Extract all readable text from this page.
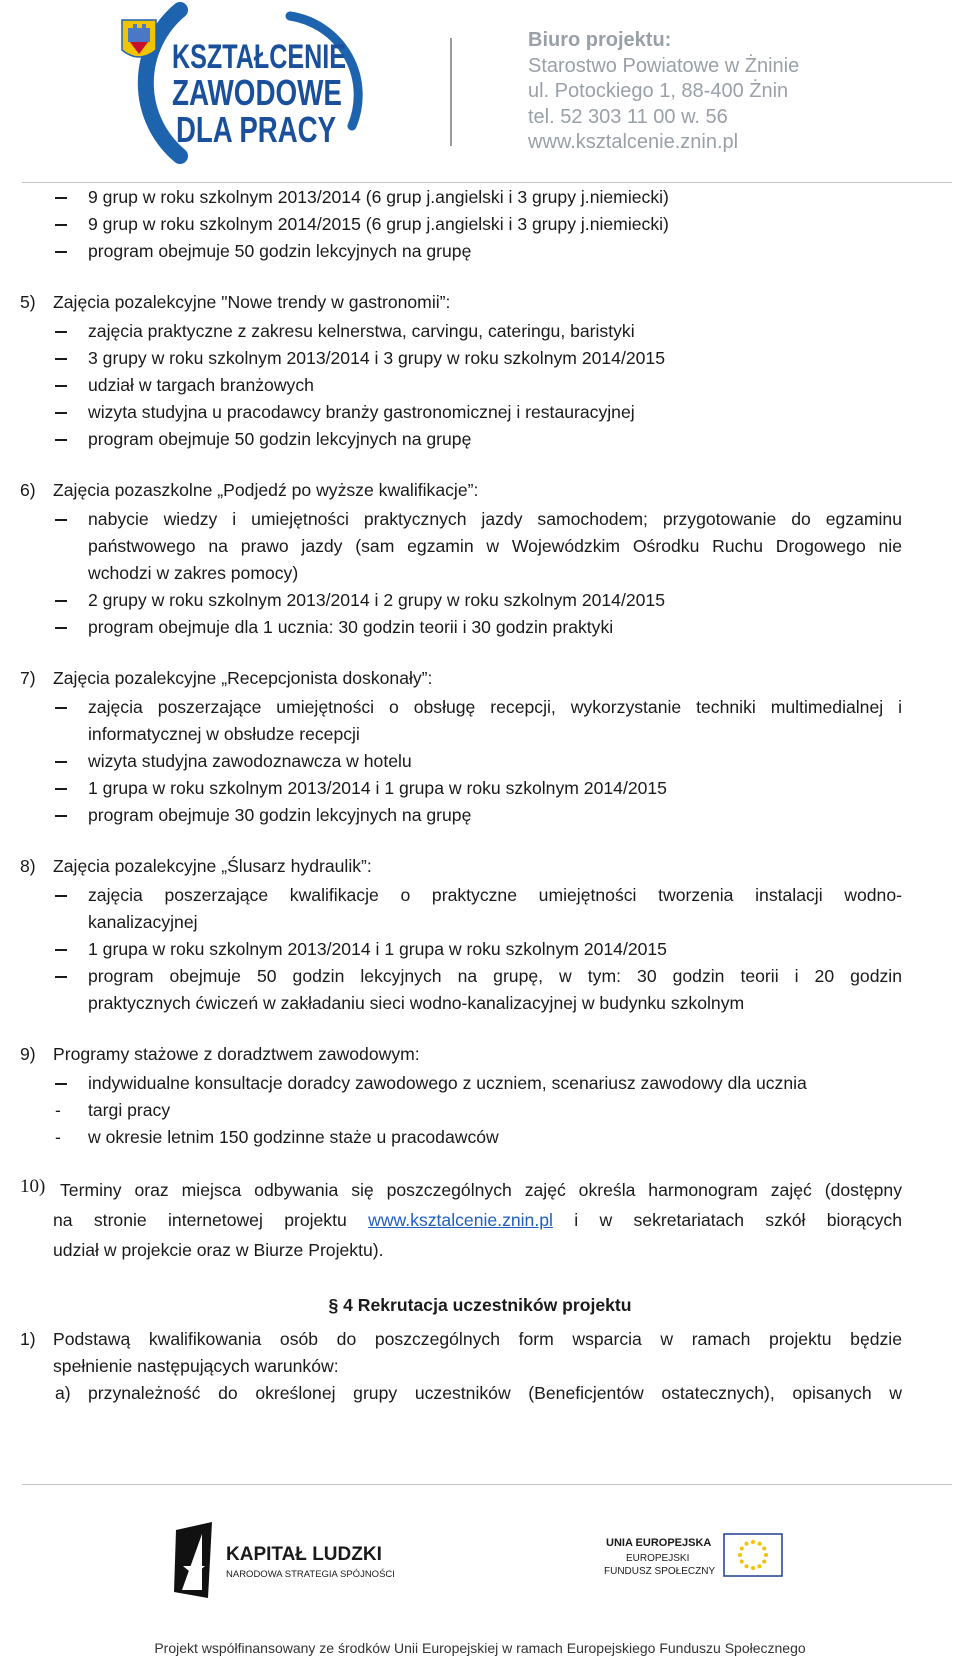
KSZTAŁCENIE
ZAWODOWE
DLA PRACY
Biuro projektu:
Starostwo Powiatowe w Żninie
ul. Potockiego 1, 88-400 Żnin
tel. 52 303 11 00 w. 56
www.ksztalcenie.znin.pl
9 grup w roku szkolnym 2013/2014 (6 grup j.angielski i 3 grupy j.niemiecki)
9 grup w roku szkolnym 2014/2015 (6 grup j.angielski i 3 grupy j.niemiecki)
program obejmuje 50 godzin lekcyjnych na grupę
5) Zajęcia pozalekcyjne "Nowe trendy w gastronomii”:
zajęcia praktyczne z zakresu kelnerstwa, carvingu, cateringu, baristyki
3 grupy w roku szkolnym 2013/2014 i 3 grupy w roku szkolnym 2014/2015
udział w targach branżowych
wizyta studyjna u pracodawcy branży gastronomicznej i restauracyjnej
program obejmuje 50 godzin lekcyjnych na grupę
6) Zajęcia pozaszkolne „Podjedź po wyższe kwalifikacje”:
nabycie wiedzy i umiejętności praktycznych jazdy samochodem; przygotowanie do egzaminu
państwowego na prawo jazdy (sam egzamin w Wojewódzkim Ośrodku Ruchu Drogowego nie
wchodzi w zakres pomocy)
2 grupy w roku szkolnym 2013/2014 i 2 grupy w roku szkolnym 2014/2015
program obejmuje dla 1 ucznia: 30 godzin teorii i 30 godzin praktyki
7) Zajęcia pozalekcyjne „Recepcjonista doskonały”:
zajęcia poszerzające umiejętności o obsługę recepcji, wykorzystanie techniki multimedialnej i
informatycznej w obsłudze recepcji
wizyta studyjna zawodoznawcza w hotelu
1 grupa w roku szkolnym 2013/2014 i 1 grupa w roku szkolnym 2014/2015
program obejmuje 30 godzin lekcyjnych na grupę
8) Zajęcia pozalekcyjne „Ślusarz hydraulik”:
zajęcia poszerzające kwalifikacje o praktyczne umiejętności tworzenia instalacji wodno-
kanalizacyjnej
1 grupa w roku szkolnym 2013/2014 i 1 grupa w roku szkolnym 2014/2015
program obejmuje 50 godzin lekcyjnych na grupę, w tym: 30 godzin teorii i 20 godzin
praktycznych ćwiczeń w zakładaniu sieci wodno-kanalizacyjnej w budynku szkolnym
9) Programy stażowe z doradztwem zawodowym:
indywidualne konsultacje doradcy zawodowego z uczniem, scenariusz zawodowy dla ucznia
- targi pracy
- w okresie letnim 150 godzinne staże u pracodawców
10) Terminy oraz miejsca odbywania się poszczególnych zajęć określa harmonogram zajęć (dostępny
na stronie internetowej projektu www.ksztalcenie.znin.pl i w sekretariatach szkół biorących
udział w projekcie oraz w Biurze Projektu).
§ 4 Rekrutacja uczestników projektu
1) Podstawą kwalifikowania osób do poszczególnych form wsparcia w ramach projektu będzie
spełnienie następujących warunków:
a) przynależność do określonej grupy uczestników (Beneficjentów ostatecznych), opisanych w
KAPITAŁ LUDZKI
NARODOWA STRATEGIA SPÓJNOŚCI
UNIA EUROPEJSKA
EUROPEJSKI
FUNDUSZ SPOŁECZNY
Projekt współfinansowany ze środków Unii Europejskiej w ramach Europejskiego Funduszu Społecznego
